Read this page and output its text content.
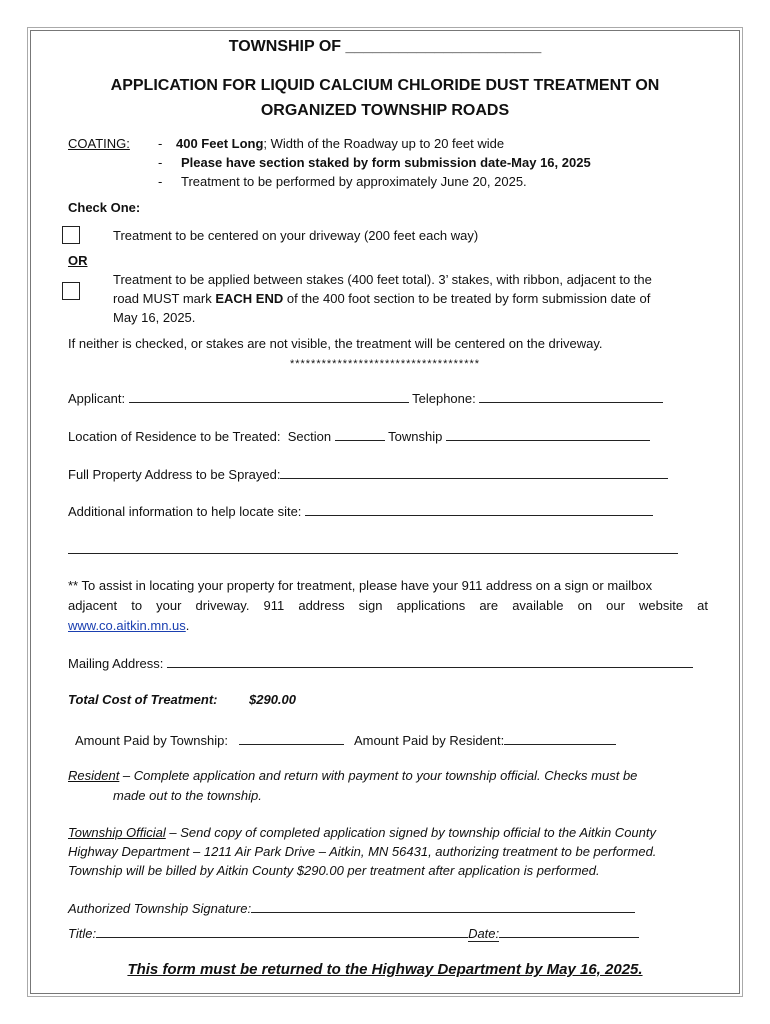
TOWNSHIP OF ______________________
APPLICATION FOR LIQUID CALCIUM CHLORIDE DUST TREATMENT ON
ORGANIZED TOWNSHIP ROADS
COATING: - 400 Feet Long; Width of the Roadway up to 20 feet wide
- Please have section staked by form submission date-May 16, 2025
- Treatment to be performed by approximately June 20, 2025.
Check One:
Treatment to be centered on your driveway (200 feet each way)
OR
Treatment to be applied between stakes (400 feet total). 3’ stakes, with ribbon, adjacent to the
road MUST mark EACH END of the 400 foot section to be treated by form submission date of
May 16, 2025.
If neither is checked, or stakes are not visible, the treatment will be centered on the driveway.
************************************
Applicant:	Telephone:
Location of Residence to be Treated: Section	Township
Full Property Address to be Sprayed:
Additional information to help locate site:
** To assist in locating your property for treatment, please have your 911 address on a sign or mailbox
adjacent to your driveway. 911 address sign applications are available on our website at
www.co.aitkin.mn.us.
Mailing Address:
Total Cost of Treatment: $290.00
Amount Paid by Township:	Amount Paid by Resident:
Resident – Complete application and return with payment to your township official. Checks must be
made out to the township.
Township Official – Send copy of completed application signed by township official to the Aitkin County
Highway Department – 1211 Air Park Drive – Aitkin, MN 56431, authorizing treatment to be performed.
Township will be billed by Aitkin County $290.00 per treatment after application is performed.
Authorized Township Signature:
Title:	Date:
This form must be returned to the Highway Department by May 16, 2025.
